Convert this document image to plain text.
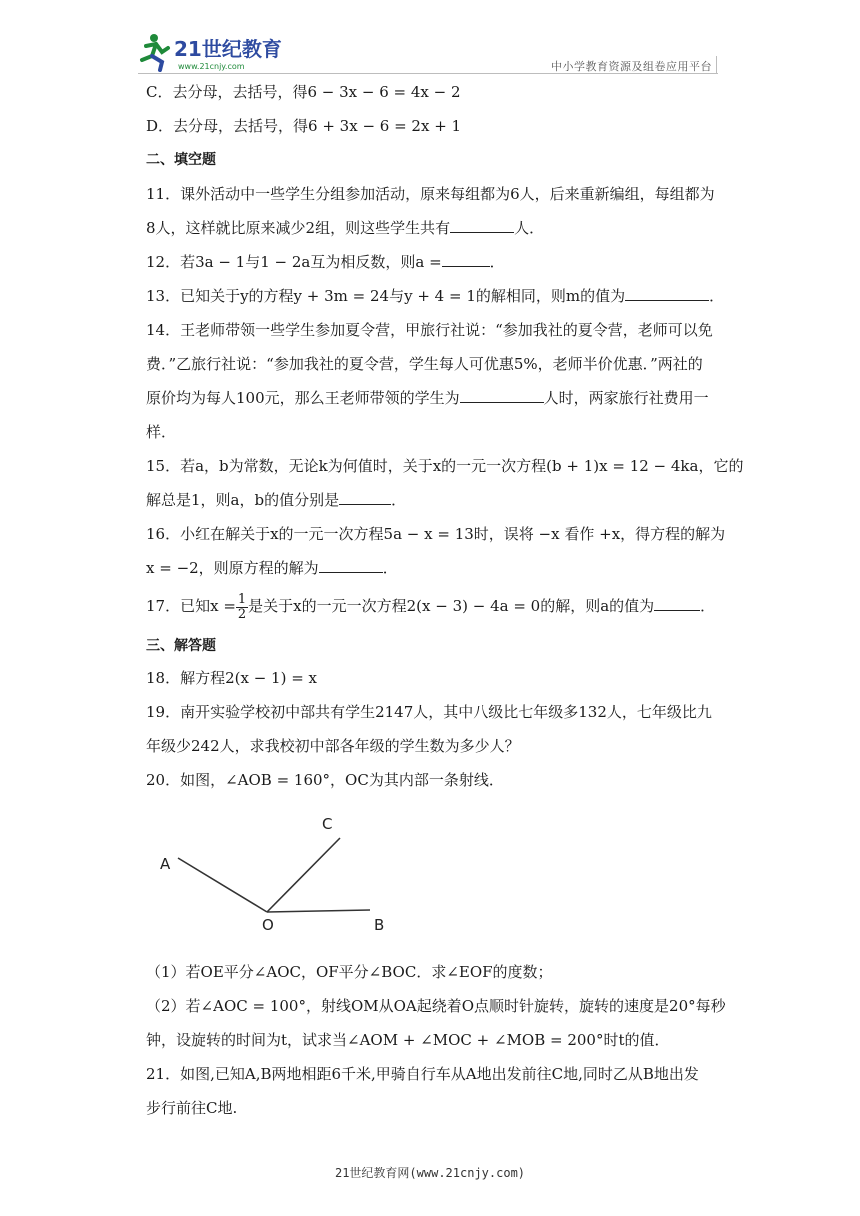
21世纪教育
www.21cnjy.com	中小学教育资源及组卷应用平台
C．去分母，去括号，得6 − 3x − 6 = 4x − 2
D．去分母，去括号，得6 + 3x − 6 = 2x + 1
二、填空题
11．课外活动中一些学生分组参加活动，原来每组都为6人，后来重新编组，每组都为
8人，这样就比原来减少2组，则这些学生共有	人．
12．若3a − 1与1 − 2a互为相反数，则a =	．
13．已知关于y的方程y + 3m = 24与y + 4 = 1的解相同，则m的值为	．
14．王老师带领一些学生参加夏令营，甲旅行社说：“参加我社的夏令营，老师可以免
费．”乙旅行社说：“参加我社的夏令营，学生每人可优惠5%，老师半价优惠．”两社的
原价均为每人100元，那么王老师带领的学生为	人时，两家旅行社费用一
样．
15．若a，b为常数，无论k为何值时，关于x的一元一次方程(b + 1)x = 12 − 4ka，它的
解总是1，则a，b的值分别是	．
16．小红在解关于x的一元一次方程5a − x = 13时，误将 −x 看作 +x，得方程的解为
x = −2，则原方程的解为	．
17．已知$x = \frac{1}{2}$ 是关于x的一元一次方程2(x − 3) − 4a = 0的解，则a的值为	．
三、解答题
18．解方程2(x − 1) = x
19．南开实验学校初中部共有学生2147人，其中八级比七年级多132人，七年级比九
年级少242人，求我校初中部各年级的学生数为多少人？
20．如图，∠AOB = 160°，OC为其内部一条射线．
A
O	B
C
（1）若OE平分∠AOC，OF平分∠BOC．求∠EOF的度数；
（2）若∠AOC = 100°，射线OM从OA起绕着O点顺时针旋转，旋转的速度是20°每秒
钟，设旋转的时间为t，试求当∠AOM + ∠MOC + ∠MOB = 200°时t的值．
21．如图,已知A,B两地相距6千米,甲骑自行车从A地出发前往C地,同时乙从B地出发
步行前往C地.
21世纪教育网(www.21cnjy.com)
